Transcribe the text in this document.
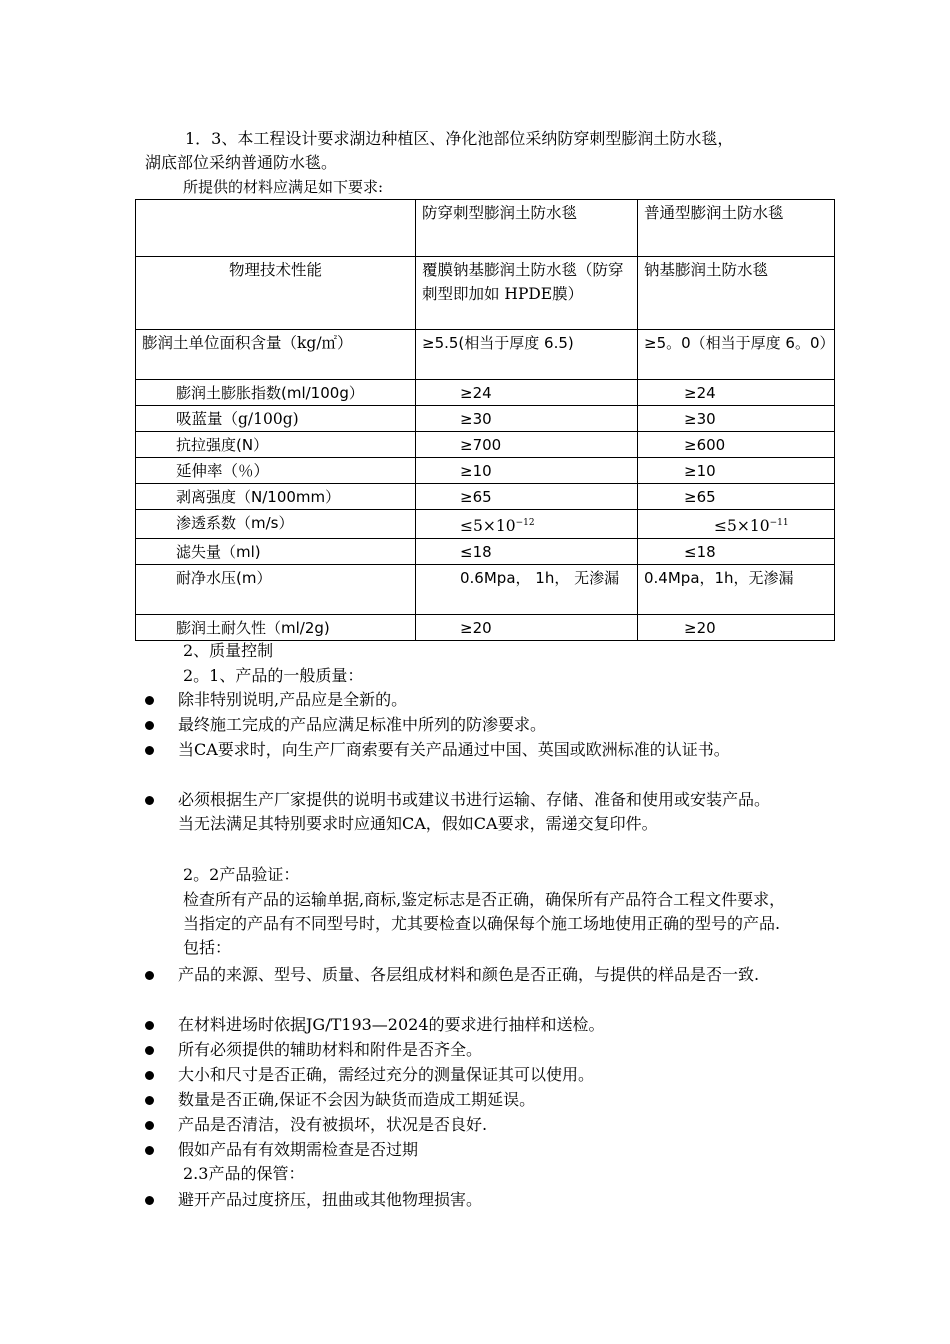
1．3、本工程设计要求湖边种植区、净化池部位采纳防穿刺型膨润土防水毯，
湖底部位采纳普通防水毯。
所提供的材料应满足如下要求:
	防穿刺型膨润土防水毯	普通型膨润土防水毯
物理技术性能	覆膜钠基膨润土防水毯（防穿刺型即加如 HPDE膜）	钠基膨润土防水毯
膨润土单位面积含量（kg/㎡）	≥5.5(相当于厚度 6.5)	≥5。0（相当于厚度 6。0）
膨润土膨胀指数(ml/100g）	≥24	≥24
吸蓝量（g/100g)	≥30	≥30
抗拉强度(N）	≥700	≥600
延伸率（％）	≥10	≥10
剥离强度（N/100mm）	≥65	≥65
渗透系数（m/s）	$\le 5\times 10^{-12}$	$\le 5\times 10^{-11}$
滤失量（ml)	≤18	≤18
耐净水压(m）	0.6Mpa， 1h， 无渗漏	0.4Mpa，1h，无渗漏
膨润土耐久性（ml/2g)	≥20	≥20
2、质量控制
2。1、产品的一般质量：
除非特别说明,产品应是全新的。
最终施工完成的产品应满足标准中所列的防渗要求。
当CA要求时，向生产厂商索要有关产品通过中国、英国或欧洲标准的认证书。
必须根据生产厂家提供的说明书或建议书进行运输、存储、准备和使用或安装产品。当无法满足其特别要求时应通知CA，假如CA要求，需递交复印件。
2。2产品验证：
检查所有产品的运输单据,商标,鉴定标志是否正确，确保所有产品符合工程文件要求，当指定的产品有不同型号时，尤其要检查以确保每个施工场地使用正确的型号的产品.包括：
产品的来源、型号、质量、各层组成材料和颜色是否正确，与提供的样品是否一致.
在材料进场时依据JG/T193—2024的要求进行抽样和送检。
所有必须提供的辅助材料和附件是否齐全。
大小和尺寸是否正确，需经过充分的测量保证其可以使用。
数量是否正确,保证不会因为缺货而造成工期延误。
产品是否清洁，没有被损坏，状况是否良好.
假如产品有有效期需检查是否过期
2.3产品的保管：
避开产品过度挤压，扭曲或其他物理损害。
